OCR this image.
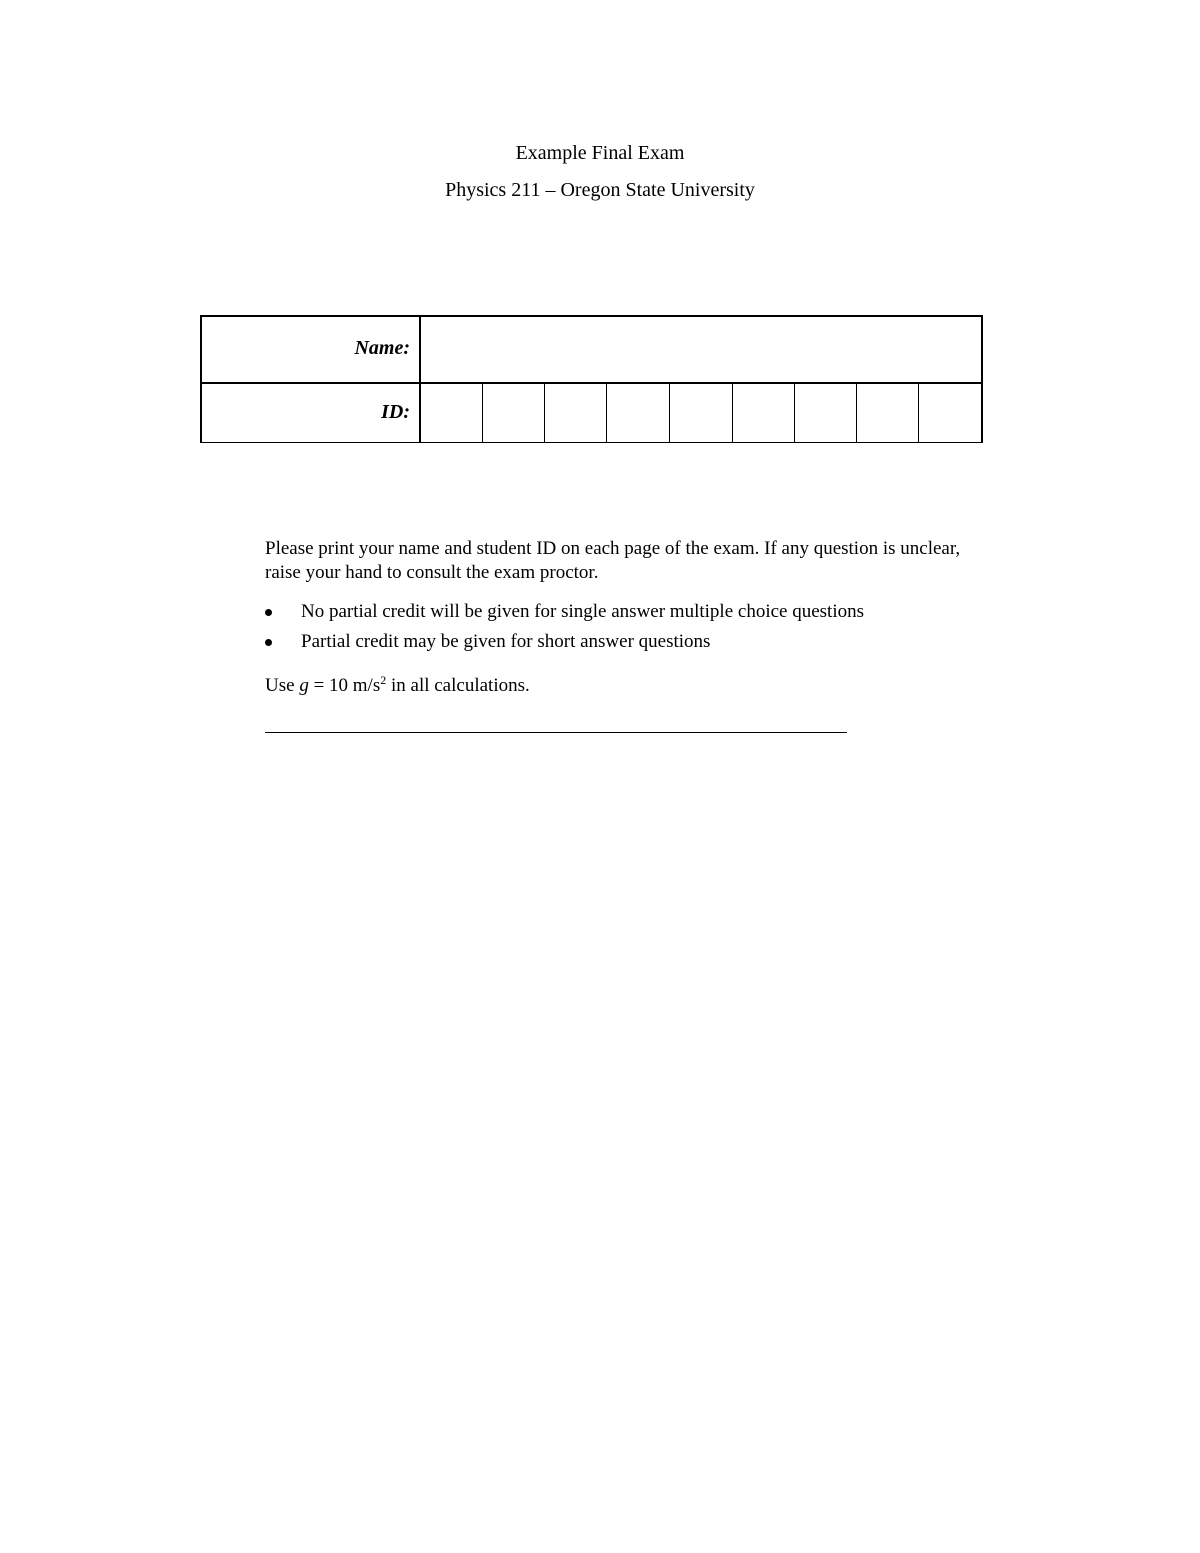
Example Final Exam
Physics 211 – Oregon State University
Name:
ID:
Please print your name and student ID on each page of the exam. If any question is unclear, raise your hand to consult the exam proctor.
No partial credit will be given for single answer multiple choice questions
Partial credit may be given for short answer questions
Use g = 10 $m/s^2$ in all calculations.
